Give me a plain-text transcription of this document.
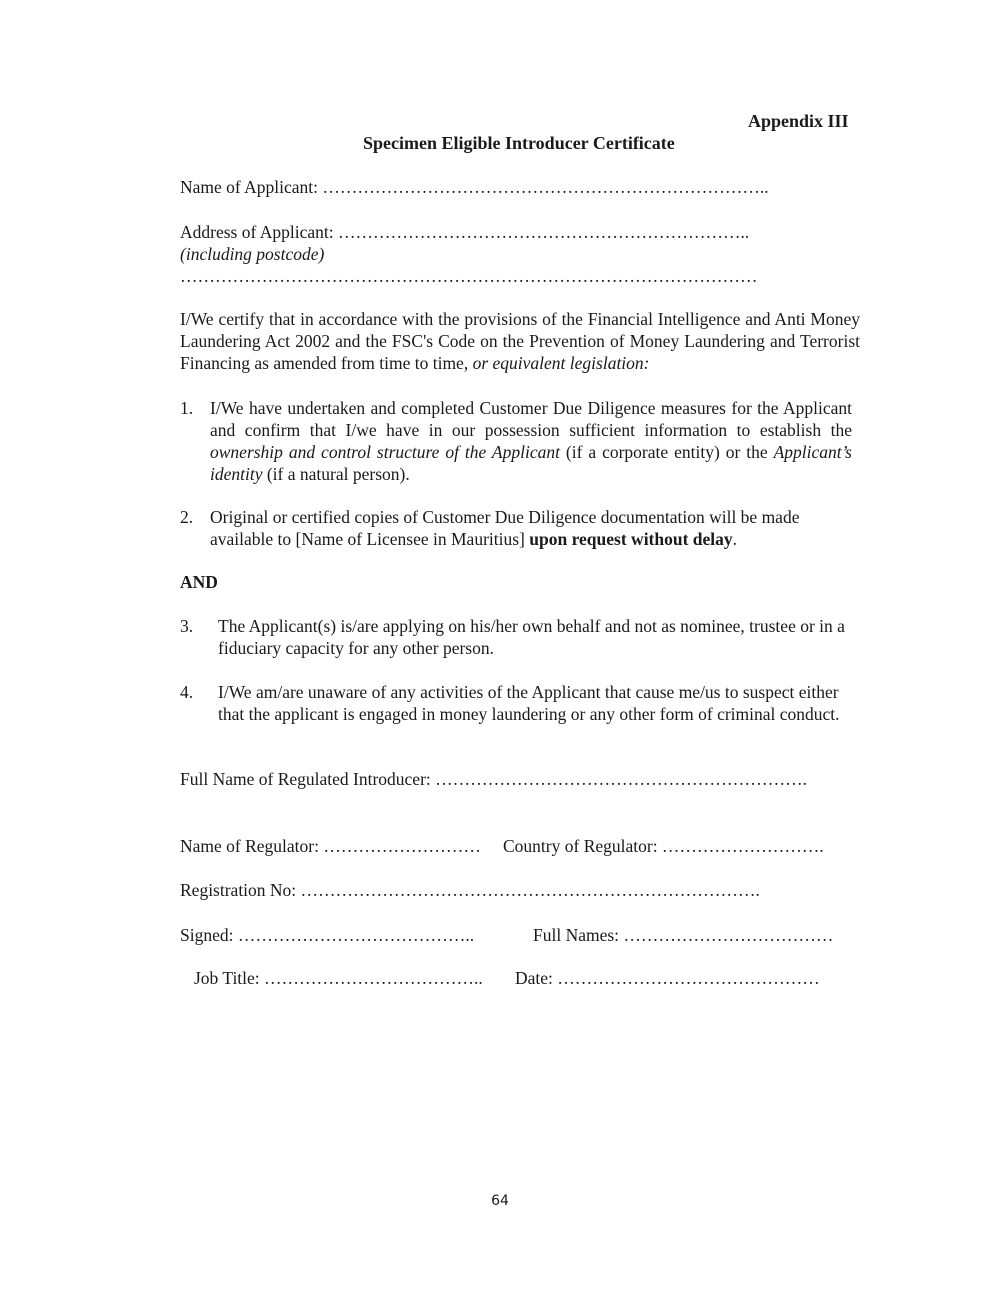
Appendix III
Specimen Eligible Introducer Certificate
Name of Applicant: …………………………………………………………………..
Address of Applicant: ……………………………………………………………..
(including postcode)
………………………………………………………………………………………
I/We certify that in accordance with the provisions of the Financial Intelligence and Anti Money Laundering Act 2002 and the FSC's Code on the Prevention of Money Laundering and Terrorist Financing as amended from time to time, or equivalent legislation:
1. I/We have undertaken and completed Customer Due Diligence measures for the Applicant and confirm that I/we have in our possession sufficient information to establish the ownership and control structure of the Applicant (if a corporate entity) or the Applicant’s identity (if a natural person).
2. Original or certified copies of Customer Due Diligence documentation will be made available to [Name of Licensee in Mauritius] upon request without delay.
AND
3. The Applicant(s) is/are applying on his/her own behalf and not as nominee, trustee or in a fiduciary capacity for any other person.
4. I/We am/are unaware of any activities of the Applicant that cause me/us to suspect either that the applicant is engaged in money laundering or any other form of criminal conduct.
Full Name of Regulated Introducer: ……………………………………………………….
Name of Regulator: ……………………… Country of Regulator: ……………………….
Registration No: …………………………………………………………………….
Signed: …………………………………..	Full Names: ………………………………
Job Title: ……………………………….. Date: ………………………………………
64
